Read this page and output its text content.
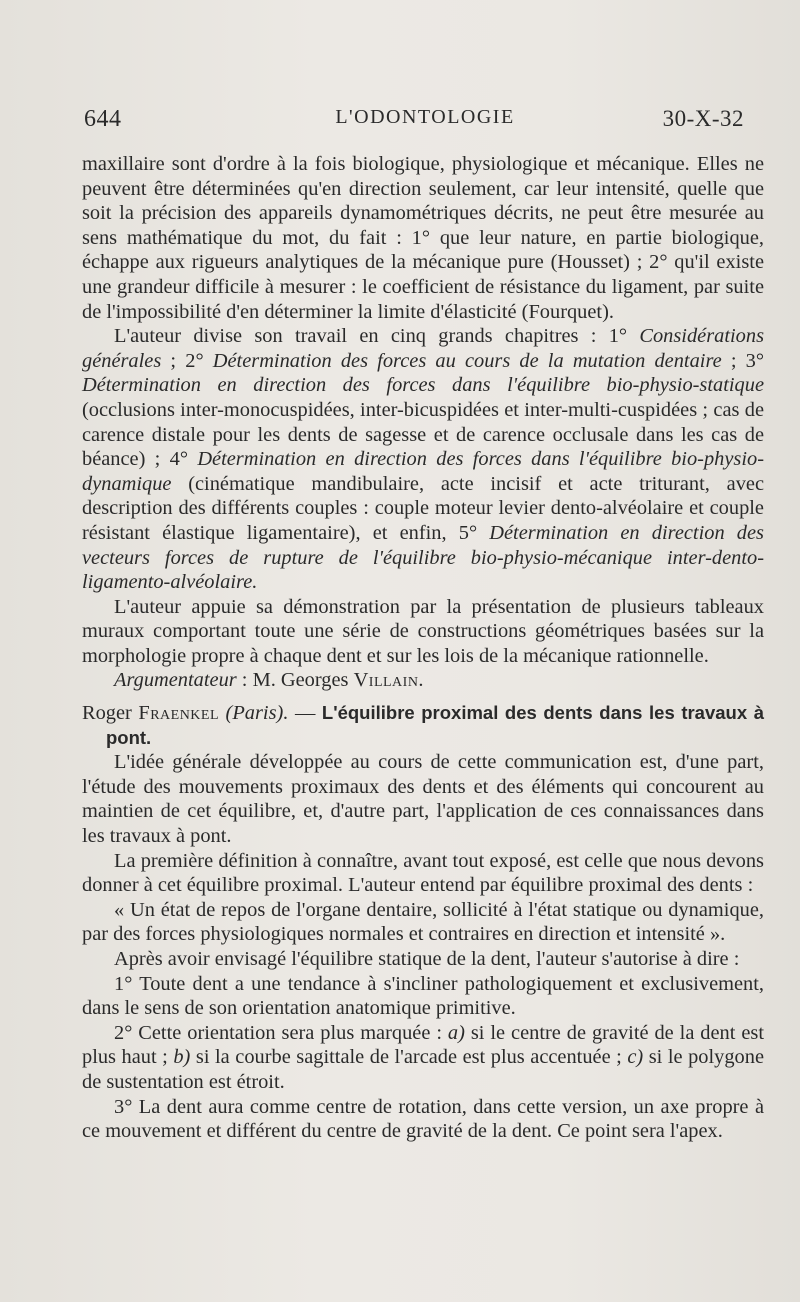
644	L'ODONTOLOGIE	30-X-32

maxillaire sont d'ordre à la fois biologique, physiologique et mécanique. Elles ne peuvent être déterminées qu'en direction seulement, car leur intensité, quelle que soit la précision des appareils dynamométriques décrits, ne peut être mesurée au sens mathématique du mot, du fait : 1° que leur nature, en partie biologique, échappe aux rigueurs analytiques de la mécanique pure (Housset) ; 2° qu'il existe une grandeur difficile à mesurer : le coefficient de résistance du ligament, par suite de l'impossibilité d'en déterminer la limite d'élasticité (Fourquet).

L'auteur divise son travail en cinq grands chapitres : 1° Considérations générales ; 2° Détermination des forces au cours de la mutation dentaire ; 3° Détermination en direction des forces dans l'équilibre bio-physio-statique (occlusions inter-monocuspidées, inter-bicuspidées et inter-multi-cuspidées ; cas de carence distale pour les dents de sagesse et de carence occlusale dans les cas de béance) ; 4° Détermination en direction des forces dans l'équilibre bio-physio-dynamique (cinématique mandibulaire, acte incisif et acte triturant, avec description des différents couples : couple moteur levier dento-alvéolaire et couple résistant élastique ligamentaire), et enfin, 5° Détermination en direction des vecteurs forces de rupture de l'équilibre bio-physio-mécanique inter-dento-ligamento-alvéolaire.

L'auteur appuie sa démonstration par la présentation de plusieurs tableaux muraux comportant toute une série de constructions géométriques basées sur la morphologie propre à chaque dent et sur les lois de la mécanique rationnelle.

Argumentateur : M. Georges Villain.

Roger Fraenkel (Paris). — L'équilibre proximal des dents dans les travaux à pont.

L'idée générale développée au cours de cette communication est, d'une part, l'étude des mouvements proximaux des dents et des éléments qui concourent au maintien de cet équilibre, et, d'autre part, l'application de ces connaissances dans les travaux à pont.

La première définition à connaître, avant tout exposé, est celle que nous devons donner à cet équilibre proximal. L'auteur entend par équilibre proximal des dents :

« Un état de repos de l'organe dentaire, sollicité à l'état statique ou dynamique, par des forces physiologiques normales et contraires en direction et intensité ».

Après avoir envisagé l'équilibre statique de la dent, l'auteur s'autorise à dire :

1° Toute dent a une tendance à s'incliner pathologiquement et exclusivement, dans le sens de son orientation anatomique primitive.

2° Cette orientation sera plus marquée : a) si le centre de gravité de la dent est plus haut ; b) si la courbe sagittale de l'arcade est plus accentuée ; c) si le polygone de sustentation est étroit.

3° La dent aura comme centre de rotation, dans cette version, un axe propre à ce mouvement et différent du centre de gravité de la dent. Ce point sera l'apex.
